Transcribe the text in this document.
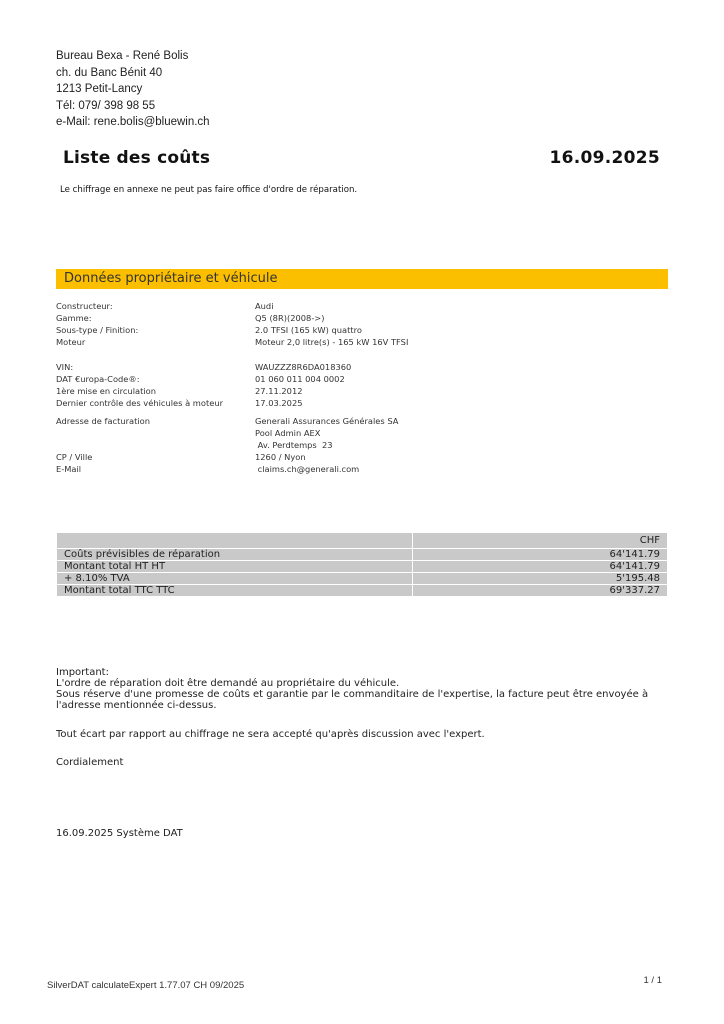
Bureau Bexa - René Bolis
ch. du Banc Bénit 40
1213 Petit-Lancy
Tél: 079/ 398 98 55
e-Mail: rene.bolis@bluewin.ch
Liste des coûts	16.09.2025
Le chiffrage en annexe ne peut pas faire office d'ordre de réparation.
Données propriétaire et véhicule
Constructeur:	Audi
Gamme:	Q5 (8R)(2008->)
Sous-type / Finition:	2.0 TFSI (165 kW) quattro
Moteur	Moteur 2,0 litre(s) - 165 kW 16V TFSI
VIN:	WAUZZZ8R6DA018360
DAT €uropa-Code®:	01 060 011 004 0002
1ère mise en circulation	27.11.2012
Dernier contrôle des véhicules à moteur	17.03.2025
Adresse de facturation	Generali Assurances Générales SA
Pool Admin AEX
Av. Perdtemps  23
CP / Ville	1260 / Nyon
E-Mail	claims.ch@generali.com
	CHF
Coûts prévisibles de réparation	64'141.79
Montant total HT HT	64'141.79
+ 8.10% TVA	5'195.48
Montant total TTC TTC	69'337.27
Important:
L'ordre de réparation doit être demandé au propriétaire du véhicule.
Sous réserve d'une promesse de coûts et garantie par le commanditaire de l'expertise, la facture peut être envoyée à
l'adresse mentionnée ci-dessus.
Tout écart par rapport au chiffrage ne sera accepté qu'après discussion avec l'expert.
Cordialement
16.09.2025 Système DAT
SilverDAT calculateExpert 1.77.07 CH 09/2025	1 / 1
